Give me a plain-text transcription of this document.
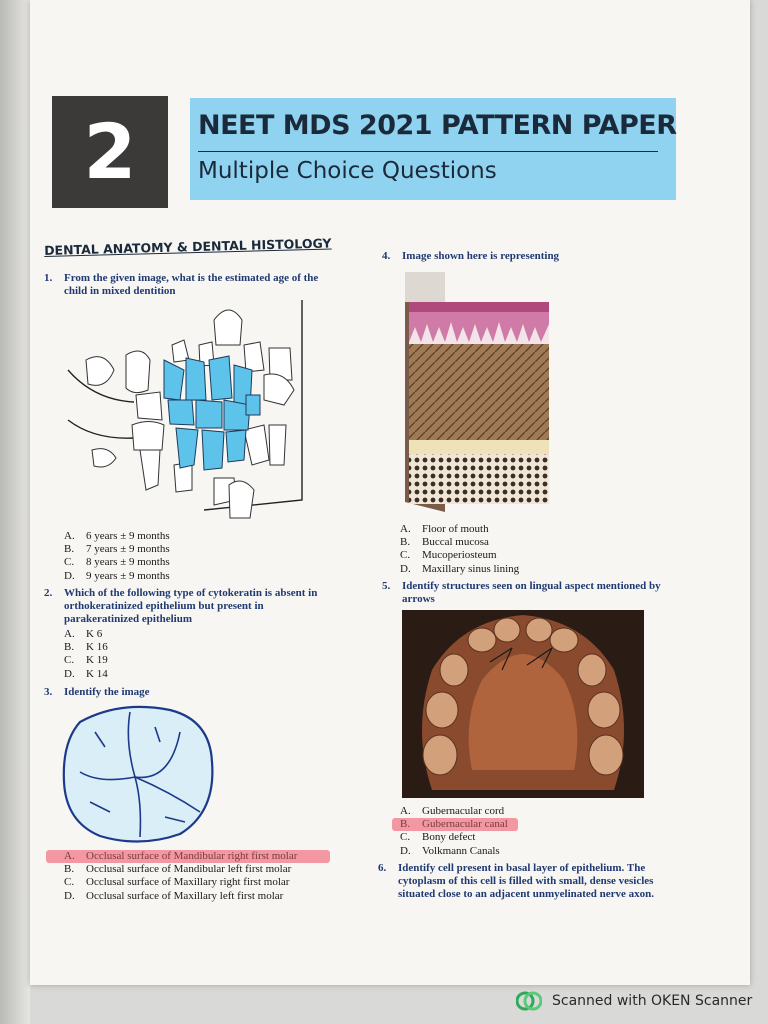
2	NEET MDS 2021 PATTERN PAPER
Multiple Choice Questions
DENTAL ANATOMY & DENTAL HISTOLOGY
1. From the given image, what is the estimated age of the
child in mixed dentition
A.	6 years ± 9 months
B.	7 years ± 9 months
C.	8 years ± 9 months
D.	9 years ± 9 months
2. Which of the following type of cytokeratin is absent in
orthokeratinized epithelium but present in
parakeratinized epithelium
A.	K 6
B.	K 16
C.	K 19
D.	K 14
3. Identify the image
A.	Occlusal surface of Mandibular right first molar
B.	Occlusal surface of Mandibular left first molar
C.	Occlusal surface of Maxillary right first molar
D.	Occlusal surface of Maxillary left first molar
4. Image shown here is representing
A.	Floor of mouth
B.	Buccal mucosa
C.	Mucoperiosteum
D.	Maxillary sinus lining
5. Identify structures seen on lingual aspect mentioned by
arrows
A.	Gubernacular cord
B.	Gubernacular canal
C.	Bony defect
D.	Volkmann Canals
6. Identify cell present in basal layer of epithelium. The
cytoplasm of this cell is filled with small, dense vesicles
situated close to an adjacent unmyelinated nerve axon.
Scanned with OKEN Scanner
